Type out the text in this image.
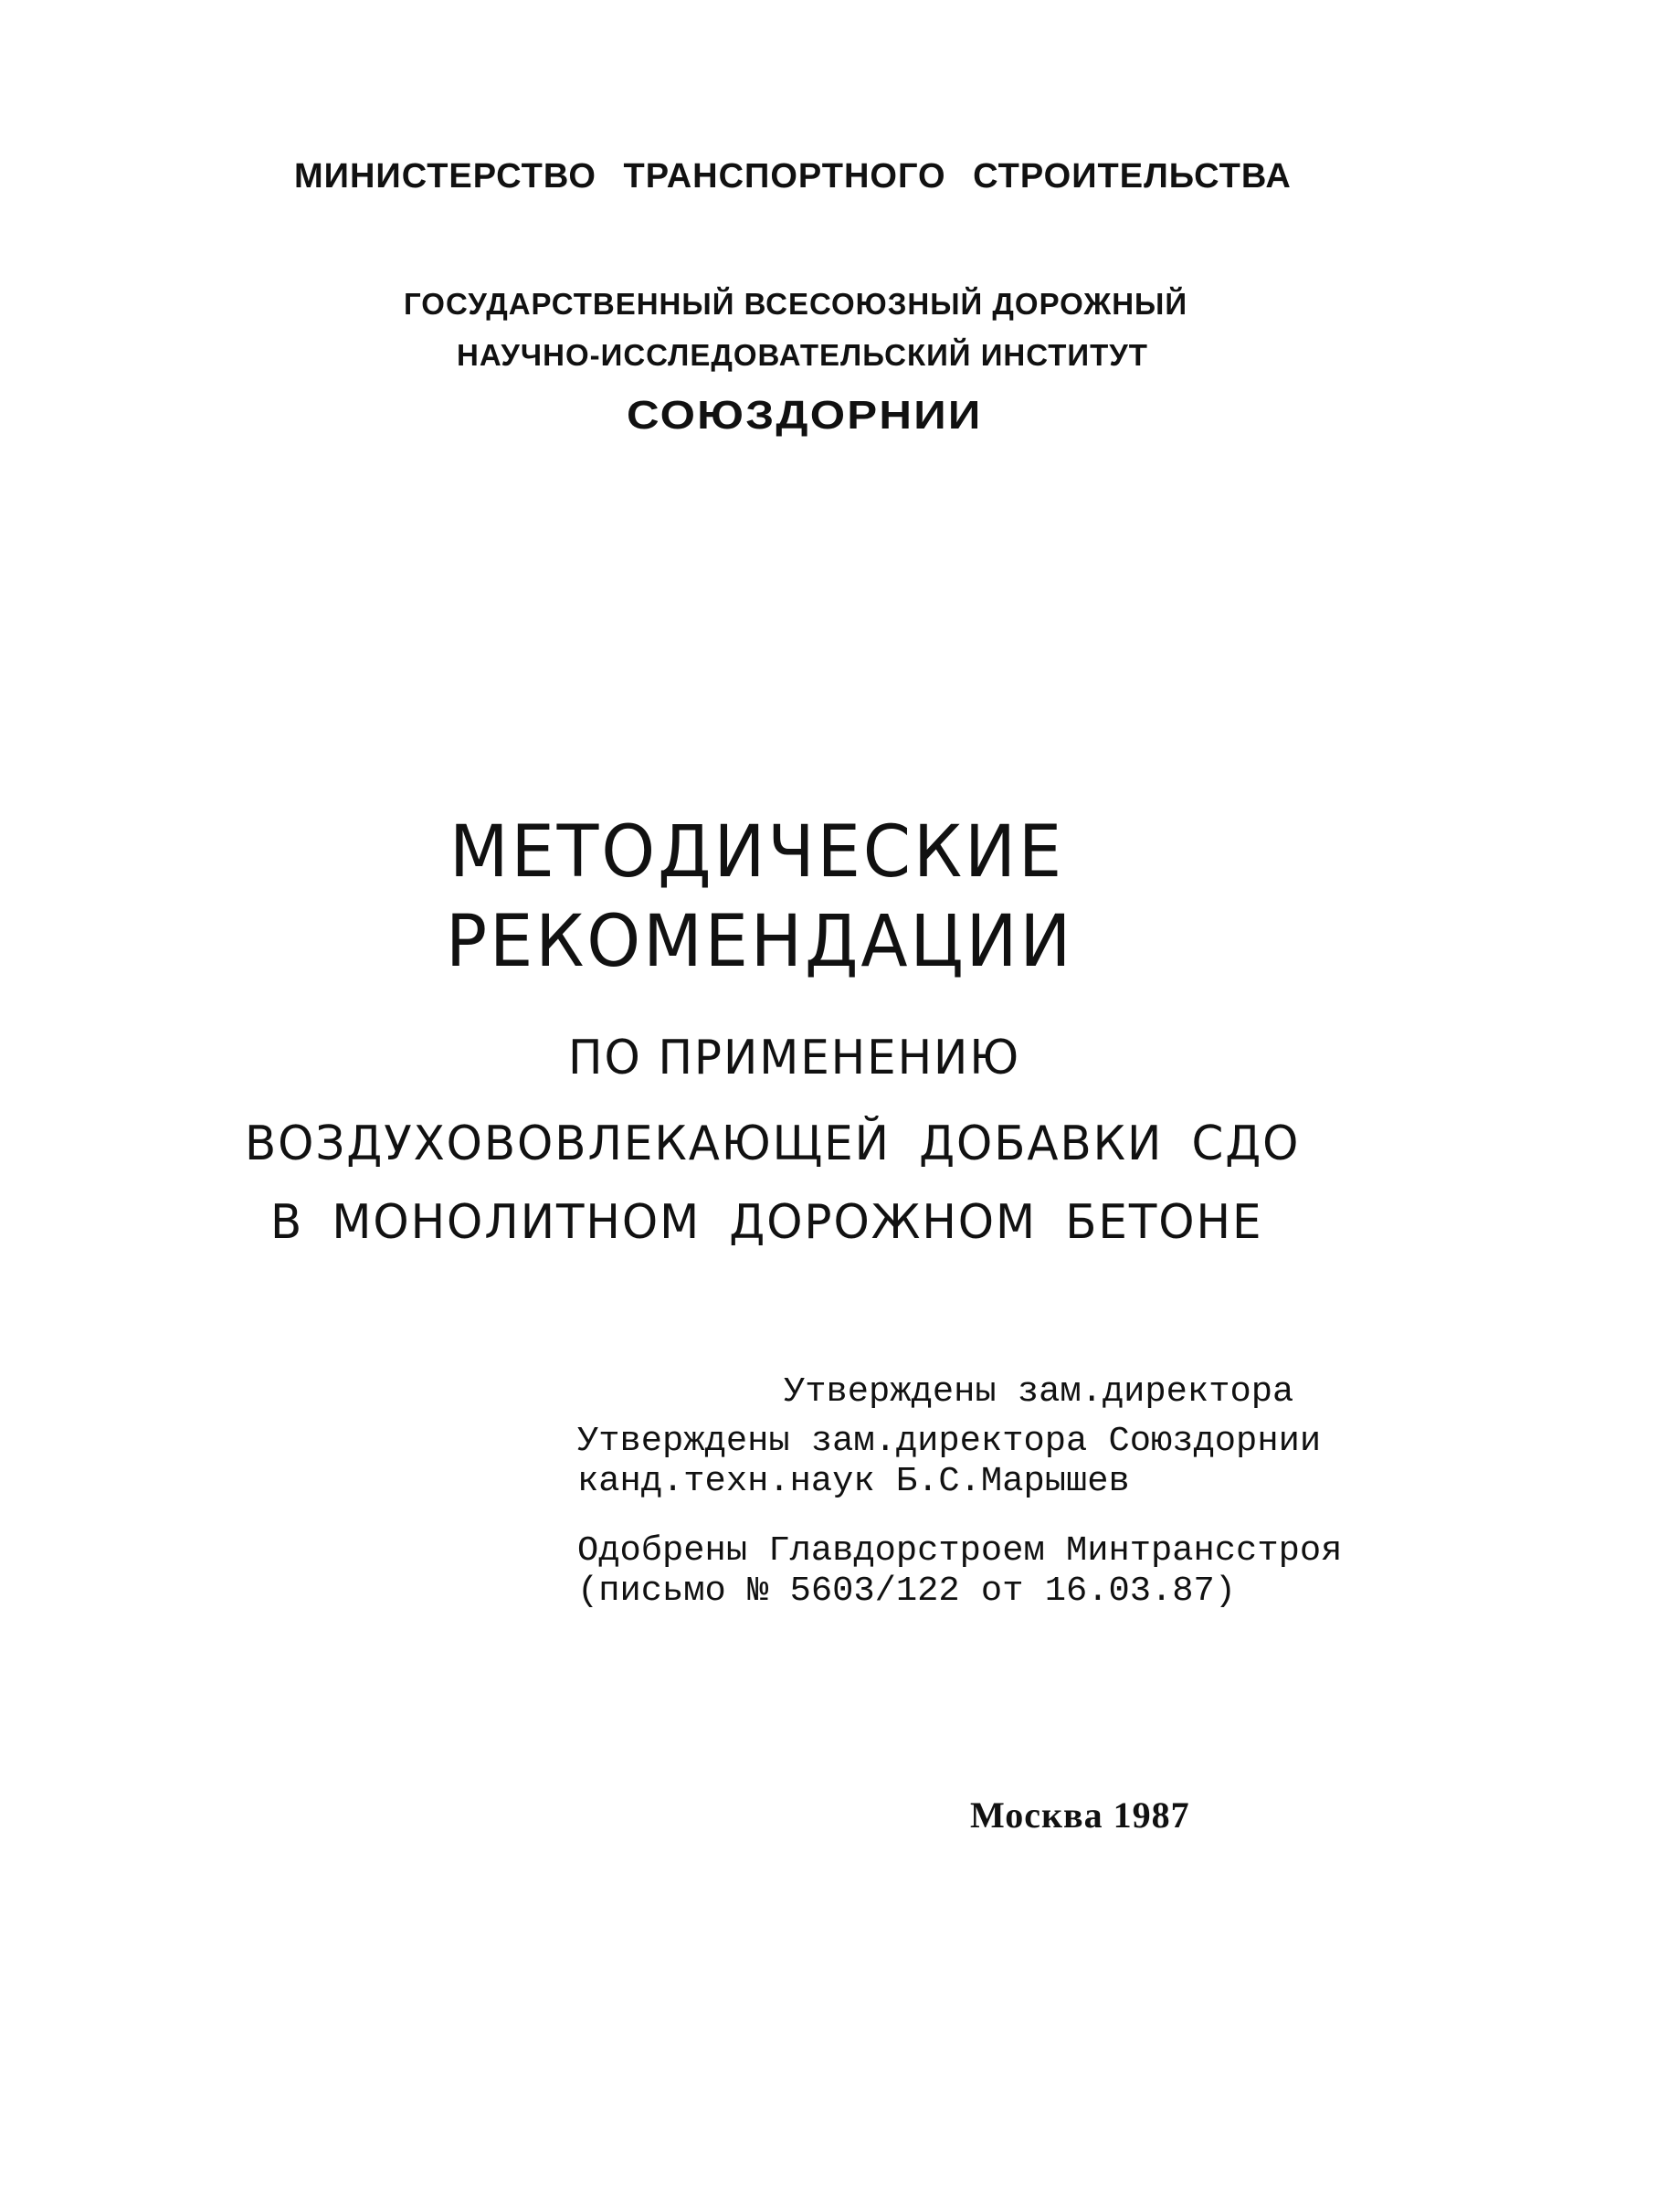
МИНИСТЕРСТВО ТРАНСПОРТНОГО СТРОИТЕЛЬСТВА

ГОСУДАРСТВЕННЫЙ ВСЕСОЮЗНЫЙ ДОРОЖНЫЙ

НАУЧНО-ИССЛЕДОВАТЕЛЬСКИЙ ИНСТИТУТ

СОЮЗДОРНИИ

МЕТОДИЧЕСКИЕ

РЕКОМЕНДАЦИИ

ПО ПРИМЕНЕНИЮ

ВОЗДУХОВОВЛЕКАЮЩЕЙ ДОБАВКИ СДО

В МОНОЛИТНОМ ДОРОЖНОМ БЕТОНЕ

Утверждены зам.директора

Утверждены зам.директора Союздорнии

канд.техн.наук Б.С.Марышев

Одобрены Главдорстроем Минтрансстроя

(письмо № 5603/122 от 16.03.87)

Москва 1987
